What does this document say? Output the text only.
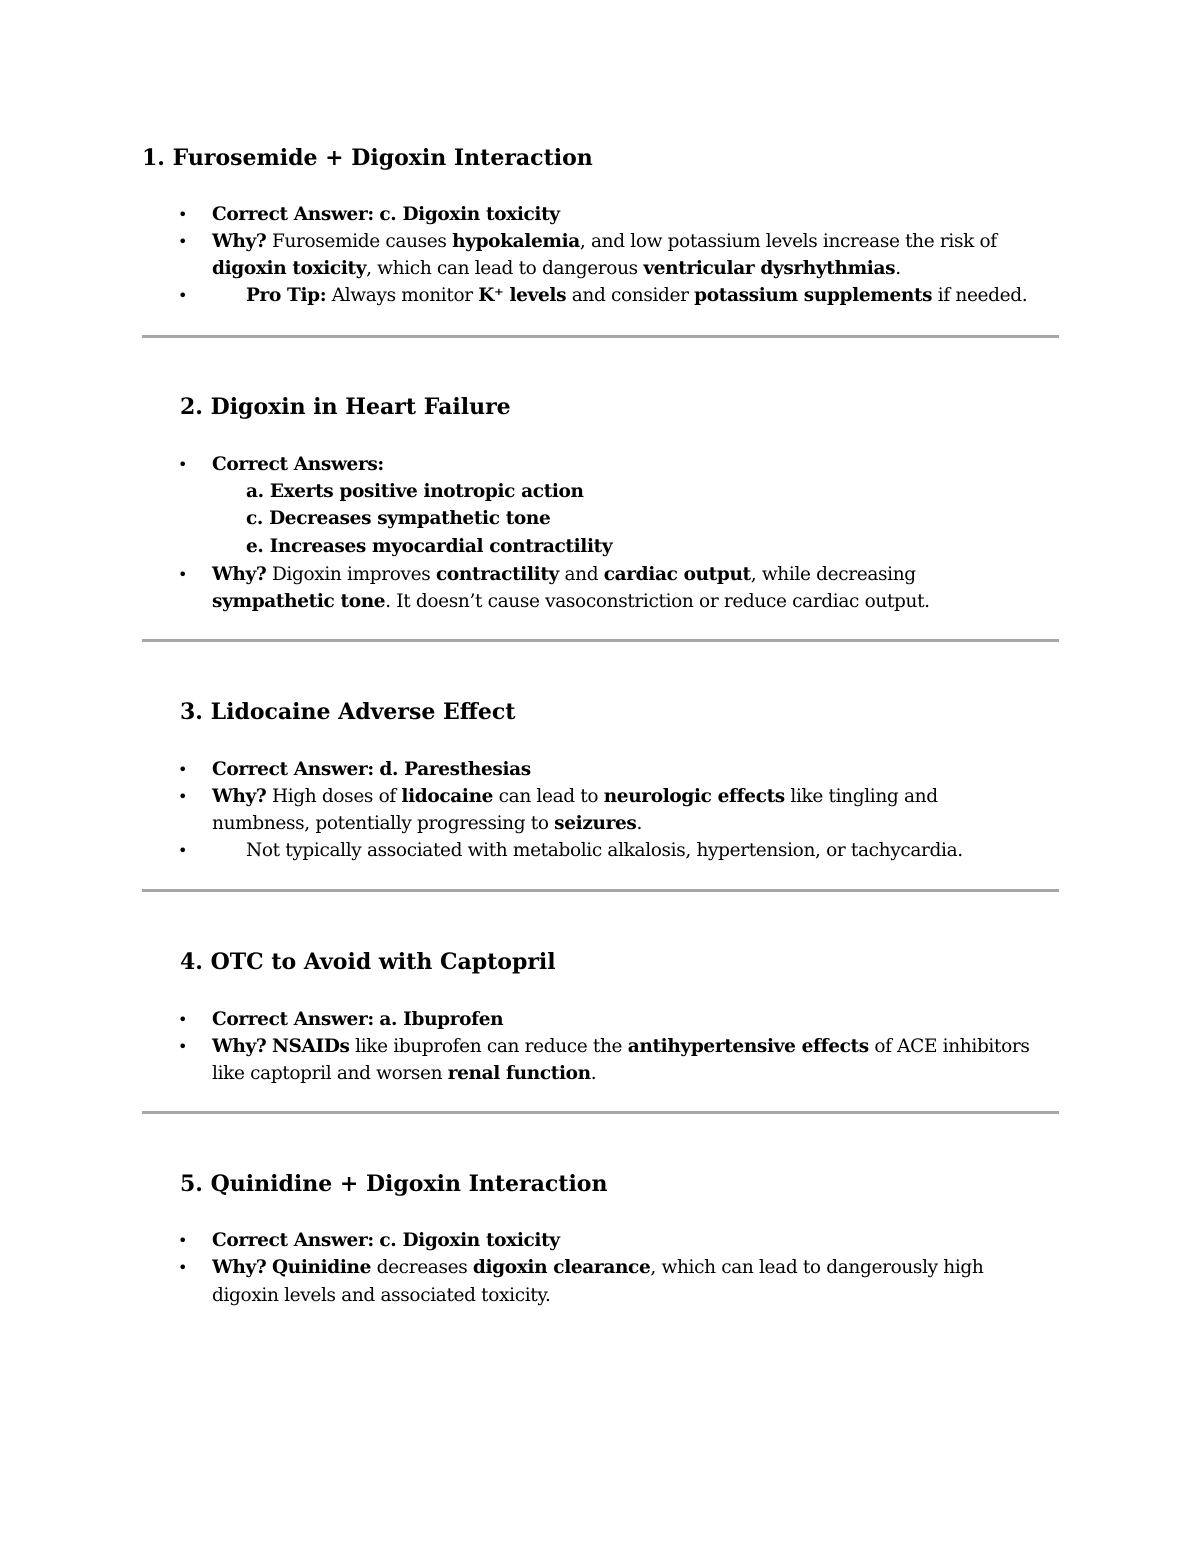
1. Furosemide + Digoxin Interaction
• Correct Answer: c. Digoxin toxicity
• Why? Furosemide causes hypokalemia, and low potassium levels increase the risk of
digoxin toxicity, which can lead to dangerous ventricular dysrhythmias.
•	Pro Tip: Always monitor K⁺ levels and consider potassium supplements if needed.
2. Digoxin in Heart Failure
• Correct Answers:
a. Exerts positive inotropic action
c. Decreases sympathetic tone
e. Increases myocardial contractility
• Why? Digoxin improves contractility and cardiac output, while decreasing
sympathetic tone. It doesn’t cause vasoconstriction or reduce cardiac output.
3. Lidocaine Adverse Effect
• Correct Answer: d. Paresthesias
• Why? High doses of lidocaine can lead to neurologic effects like tingling and
numbness, potentially progressing to seizures.
•	Not typically associated with metabolic alkalosis, hypertension, or tachycardia.
4. OTC to Avoid with Captopril
• Correct Answer: a. Ibuprofen
• Why? NSAIDs like ibuprofen can reduce the antihypertensive effects of ACE inhibitors
like captopril and worsen renal function.
5. Quinidine + Digoxin Interaction
• Correct Answer: c. Digoxin toxicity
• Why? Quinidine decreases digoxin clearance, which can lead to dangerously high
digoxin levels and associated toxicity.
